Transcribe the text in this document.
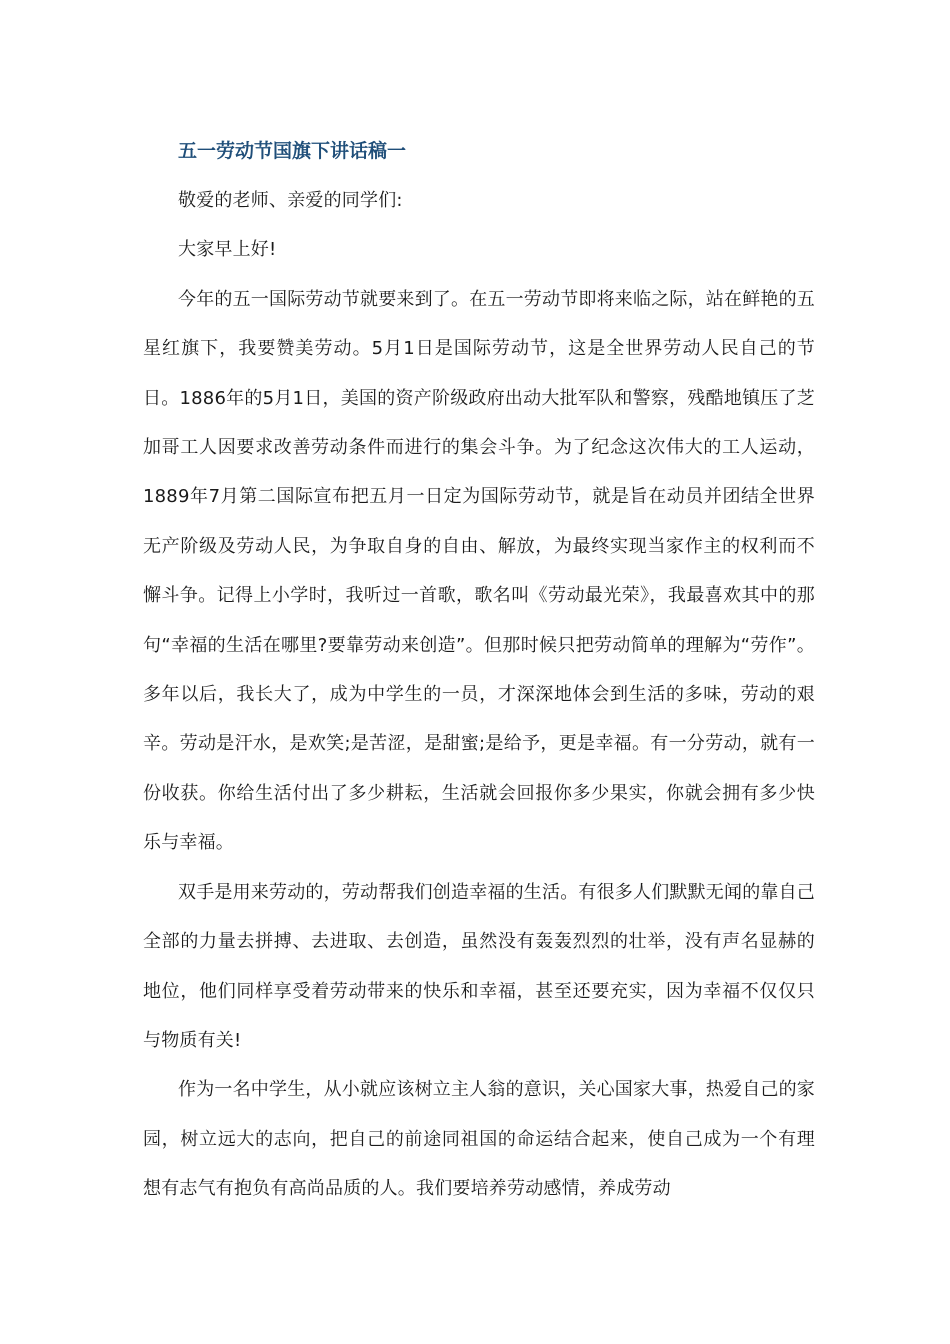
五一劳动节国旗下讲话稿一

敬爱的老师、亲爱的同学们:

大家早上好!

今年的五一国际劳动节就要来到了。在五一劳动节即将来临之际，站在鲜艳的五星红旗下，我要赞美劳动。5月1日是国际劳动节，这是全世界劳动人民自己的节日。1886年的5月1日，美国的资产阶级政府出动大批军队和警察，残酷地镇压了芝加哥工人因要求改善劳动条件而进行的集会斗争。为了纪念这次伟大的工人运动，1889年7月第二国际宣布把五月一日定为国际劳动节，就是旨在动员并团结全世界无产阶级及劳动人民，为争取自身的自由、解放，为最终实现当家作主的权利而不懈斗争。记得上小学时，我听过一首歌，歌名叫《劳动最光荣》，我最喜欢其中的那句“幸福的生活在哪里?要靠劳动来创造”。但那时候只把劳动简单的理解为“劳作”。多年以后，我长大了，成为中学生的一员，才深深地体会到生活的多味，劳动的艰辛。劳动是汗水，是欢笑;是苦涩，是甜蜜;是给予，更是幸福。有一分劳动，就有一份收获。你给生活付出了多少耕耘，生活就会回报你多少果实，你就会拥有多少快乐与幸福。

双手是用来劳动的，劳动帮我们创造幸福的生活。有很多人们默默无闻的靠自己全部的力量去拼搏、去进取、去创造，虽然没有轰轰烈烈的壮举，没有声名显赫的地位，他们同样享受着劳动带来的快乐和幸福，甚至还要充实，因为幸福不仅仅只与物质有关!

作为一名中学生，从小就应该树立主人翁的意识，关心国家大事，热爱自己的家园，树立远大的志向，把自己的前途同祖国的命运结合起来，使自己成为一个有理想有志气有抱负有高尚品质的人。我们要培养劳动感情，养成劳动
